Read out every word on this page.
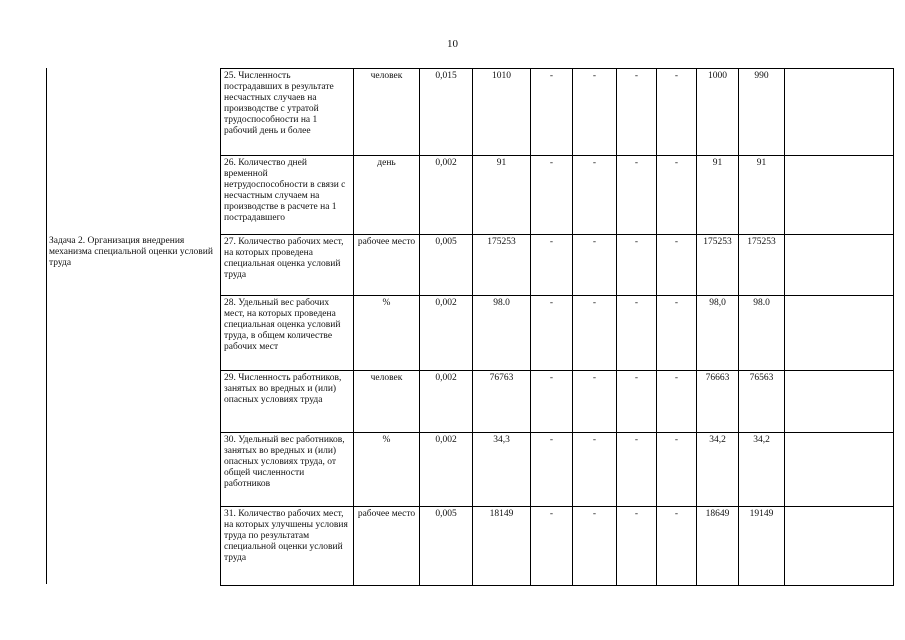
10
Задача 2. Организация внедрения механизма специальной оценки условий труда
25. Численность пострадавших в результате несчастных случаев на производстве с утратой трудоспособности на 1 рабочий день и более	человек	0,015	1010	-	-	-	-	1000	990	
26. Количество дней временной нетрудоспособности в связи с несчастным случаем на производстве в расчете на 1 пострадавшего	день	0,002	91	-	-	-	-	91	91	
27. Количество рабочих мест, на которых проведена специальная оценка условий труда	рабочее место	0,005	175253	-	-	-	-	175253	175253	
28. Удельный вес рабочих мест, на которых проведена специальная оценка условий труда, в общем количестве рабочих мест	%	0,002	98.0	-	-	-	-	98,0	98.0	
29. Численность работников, занятых во вредных и (или) опасных условиях труда	человек	0,002	76763	-	-	-	-	76663	76563	
30. Удельный вес работников, занятых во вредных и (или) опасных условиях труда, от общей численности работников	%	0,002	34,3	-	-	-	-	34,2	34,2	
31. Количество рабочих мест, на которых улучшены условия труда по результатам специальной оценки условий труда	рабочее место	0,005	18149	-	-	-	-	18649	19149	
